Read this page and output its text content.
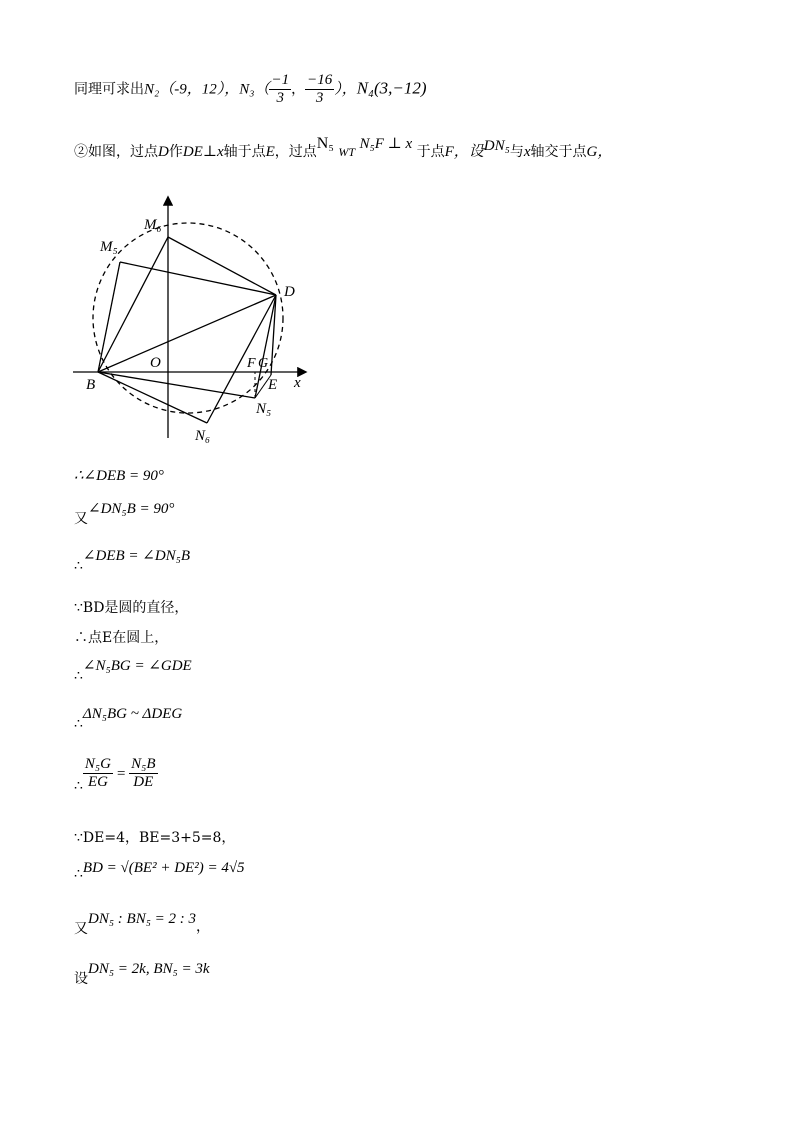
同理可求出N₂（-9，12），$N_3( \frac{-1}{3}$ ， $\frac{-16}{3}$ ），N₄(3,−12)
②如图，过点D作DE⊥x轴于点E，过点N₅ WT N₅F ⊥ x 于点F，设DN₅与x轴交于点G，
M₆
M₅
D
O
B
F G
E x
N₅
N₆
∴∠DEB = 90°
又∠DN₅B = 90°
∴∠DEB = ∠DN₅B
∵BD是圆的直径，
∴点E在圆上，
∴∠N₅BG = ∠GDE
∴ΔN₅BG ~ ΔDEG
∴ $\frac{\text{N₅G}}{EG} = \frac{\text{N₅B}}{DE}$
∵DE=4，BE=3+5=8，
∴BD = √(BE² + DE²) = 4√5
又DN₅ : BN₅ = 2 : 3，
设DN₅ = 2k, BN₅ = 3k
